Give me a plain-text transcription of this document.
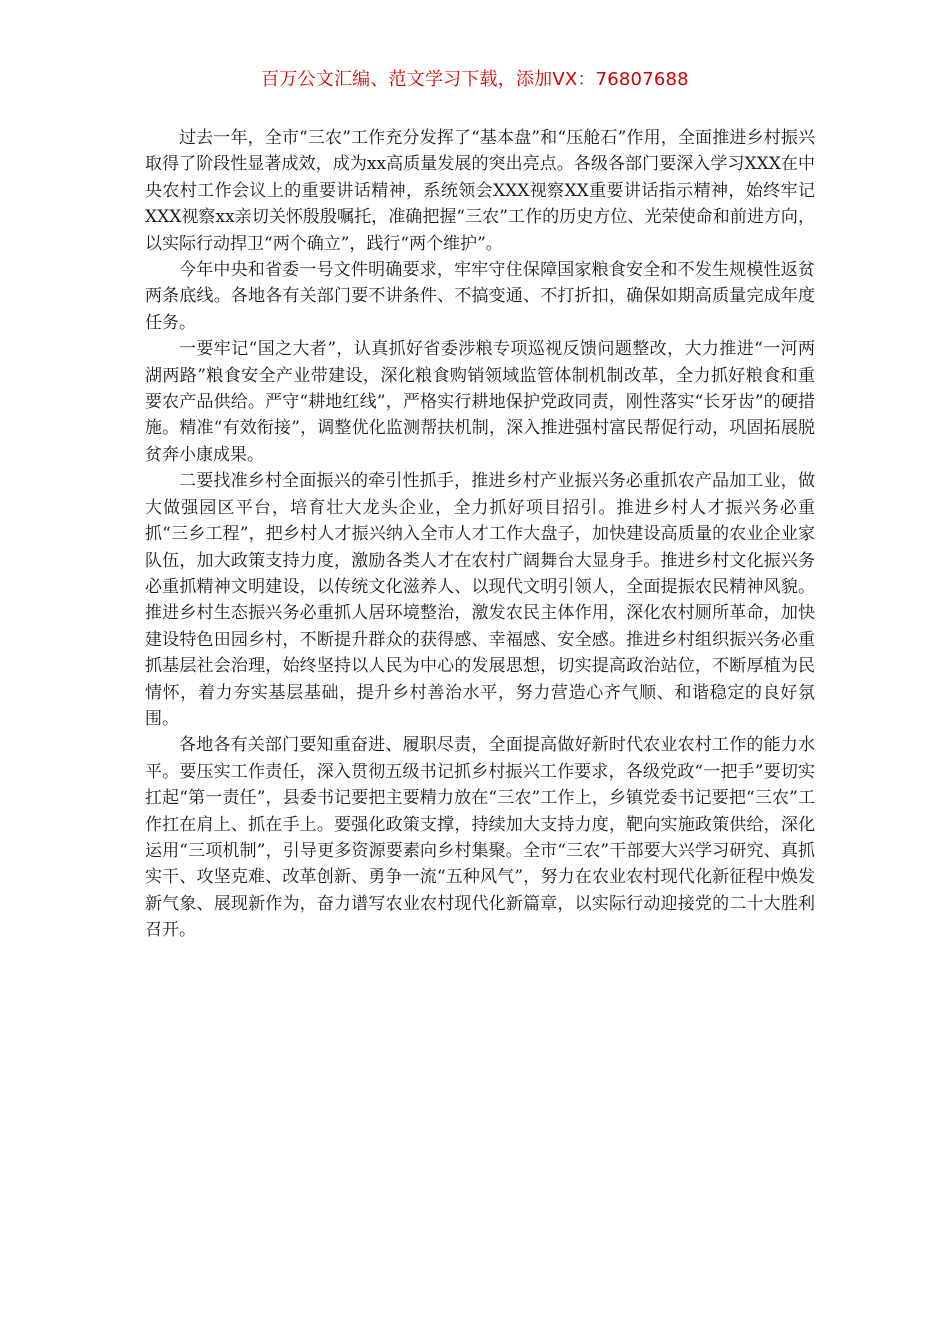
百万公文汇编、范文学习下载，添加VX：76807688

过去一年，全市“三农”工作充分发挥了“基本盘”和“压舱石”作用，全面推进乡村振兴取得了阶段性显著成效，成为xx高质量发展的突出亮点。各级各部门要深入学习XXX在中央农村工作会议上的重要讲话精神，系统领会XXX视察XX重要讲话指示精神，始终牢记XXX视察xx亲切关怀殷殷嘱托，准确把握“三农”工作的历史方位、光荣使命和前进方向，以实际行动捍卫“两个确立”，践行“两个维护”。

今年中央和省委一号文件明确要求，牢牢守住保障国家粮食安全和不发生规模性返贫两条底线。各地各有关部门要不讲条件、不搞变通、不打折扣，确保如期高质量完成年度任务。

一要牢记“国之大者”，认真抓好省委涉粮专项巡视反馈问题整改，大力推进“一河两湖两路”粮食安全产业带建设，深化粮食购销领域监管体制机制改革，全力抓好粮食和重要农产品供给。严守“耕地红线”，严格实行耕地保护党政同责，刚性落实“长牙齿”的硬措施。精准“有效衔接”，调整优化监测帮扶机制，深入推进强村富民帮促行动，巩固拓展脱贫奔小康成果。

二要找准乡村全面振兴的牵引性抓手，推进乡村产业振兴务必重抓农产品加工业，做大做强园区平台，培育壮大龙头企业，全力抓好项目招引。推进乡村人才振兴务必重抓“三乡工程”，把乡村人才振兴纳入全市人才工作大盘子，加快建设高质量的农业企业家队伍，加大政策支持力度，激励各类人才在农村广阔舞台大显身手。推进乡村文化振兴务必重抓精神文明建设，以传统文化滋养人、以现代文明引领人，全面提振农民精神风貌。推进乡村生态振兴务必重抓人居环境整治，激发农民主体作用，深化农村厕所革命，加快建设特色田园乡村，不断提升群众的获得感、幸福感、安全感。推进乡村组织振兴务必重抓基层社会治理，始终坚持以人民为中心的发展思想，切实提高政治站位，不断厚植为民情怀，着力夯实基层基础，提升乡村善治水平，努力营造心齐气顺、和谐稳定的良好氛围。

各地各有关部门要知重奋进、履职尽责，全面提高做好新时代农业农村工作的能力水平。要压实工作责任，深入贯彻五级书记抓乡村振兴工作要求，各级党政“一把手”要切实扛起“第一责任”，县委书记要把主要精力放在“三农”工作上，乡镇党委书记要把“三农”工作扛在肩上、抓在手上。要强化政策支撑，持续加大支持力度，靶向实施政策供给，深化运用“三项机制”，引导更多资源要素向乡村集聚。全市“三农”干部要大兴学习研究、真抓实干、攻坚克难、改革创新、勇争一流“五种风气”，努力在农业农村现代化新征程中焕发新气象、展现新作为，奋力谱写农业农村现代化新篇章，以实际行动迎接党的二十大胜利召开。
